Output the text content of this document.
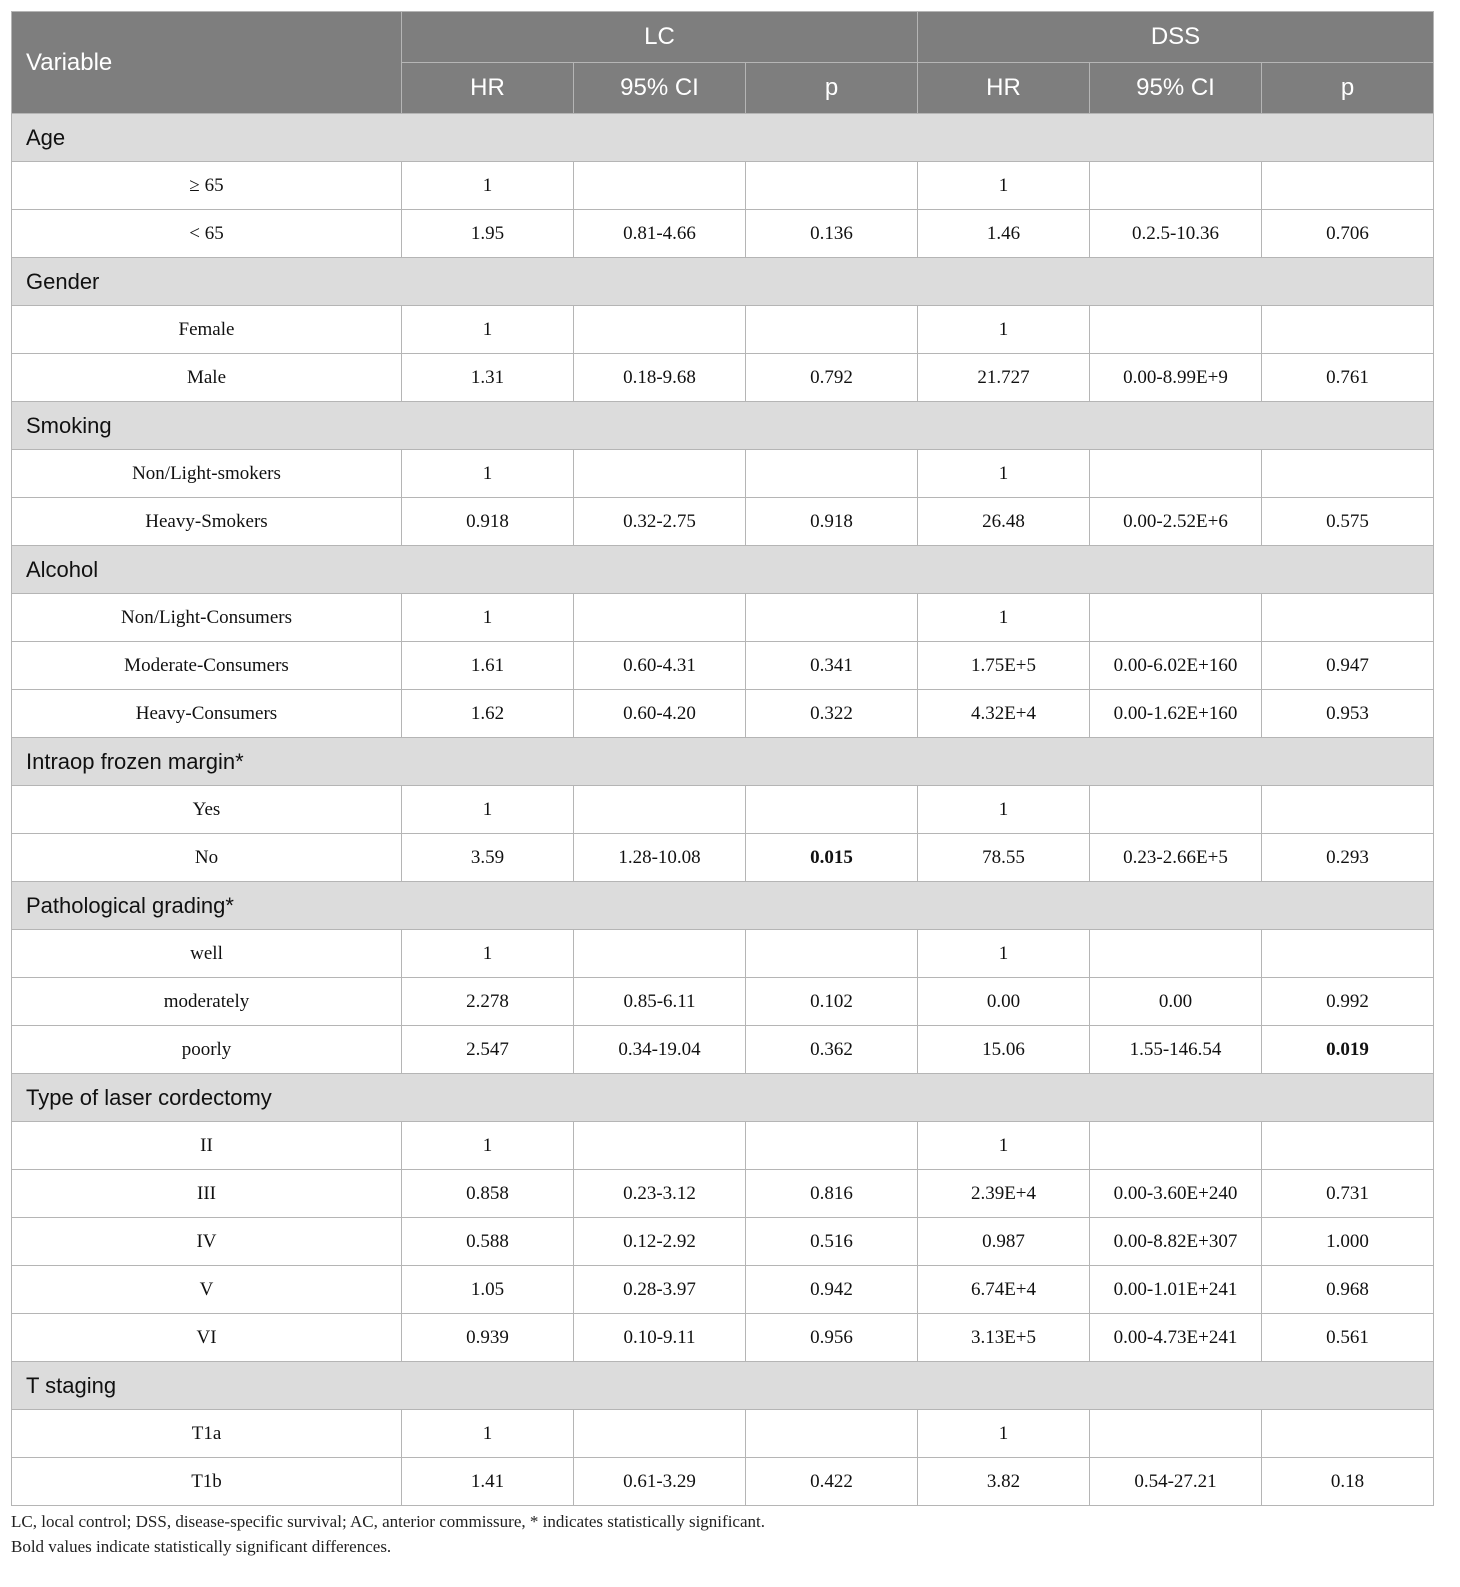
Variable	LC			DSS		
	HR	95% CI	p	HR	95% CI	p
Age						
≥ 65	1			1		
< 65	1.95	0.81-4.66	0.136	1.46	0.2.5-10.36	0.706
Gender						
Female	1			1		
Male	1.31	0.18-9.68	0.792	21.727	0.00-8.99E+9	0.761
Smoking						
Non/Light-smokers	1			1		
Heavy-Smokers	0.918	0.32-2.75	0.918	26.48	0.00-2.52E+6	0.575
Alcohol						
Non/Light-Consumers	1			1		
Moderate-Consumers	1.61	0.60-4.31	0.341	1.75E+5	0.00-6.02E+160	0.947
Heavy-Consumers	1.62	0.60-4.20	0.322	4.32E+4	0.00-1.62E+160	0.953
Intraop frozen margin*						
Yes	1			1		
No	3.59	1.28-10.08	0.015	78.55	0.23-2.66E+5	0.293
Pathological grading*						
well	1			1		
moderately	2.278	0.85-6.11	0.102	0.00	0.00	0.992
poorly	2.547	0.34-19.04	0.362	15.06	1.55-146.54	0.019
Type of laser cordectomy						
II	1			1		
III	0.858	0.23-3.12	0.816	2.39E+4	0.00-3.60E+240	0.731
IV	0.588	0.12-2.92	0.516	0.987	0.00-8.82E+307	1.000
V	1.05	0.28-3.97	0.942	6.74E+4	0.00-1.01E+241	0.968
VI	0.939	0.10-9.11	0.956	3.13E+5	0.00-4.73E+241	0.561
T staging						
T1a	1			1		
T1b	1.41	0.61-3.29	0.422	3.82	0.54-27.21	0.18
LC, local control; DSS, disease-specific survival; AC, anterior commissure, * indicates statistically significant.
Bold values indicate statistically significant differences.
